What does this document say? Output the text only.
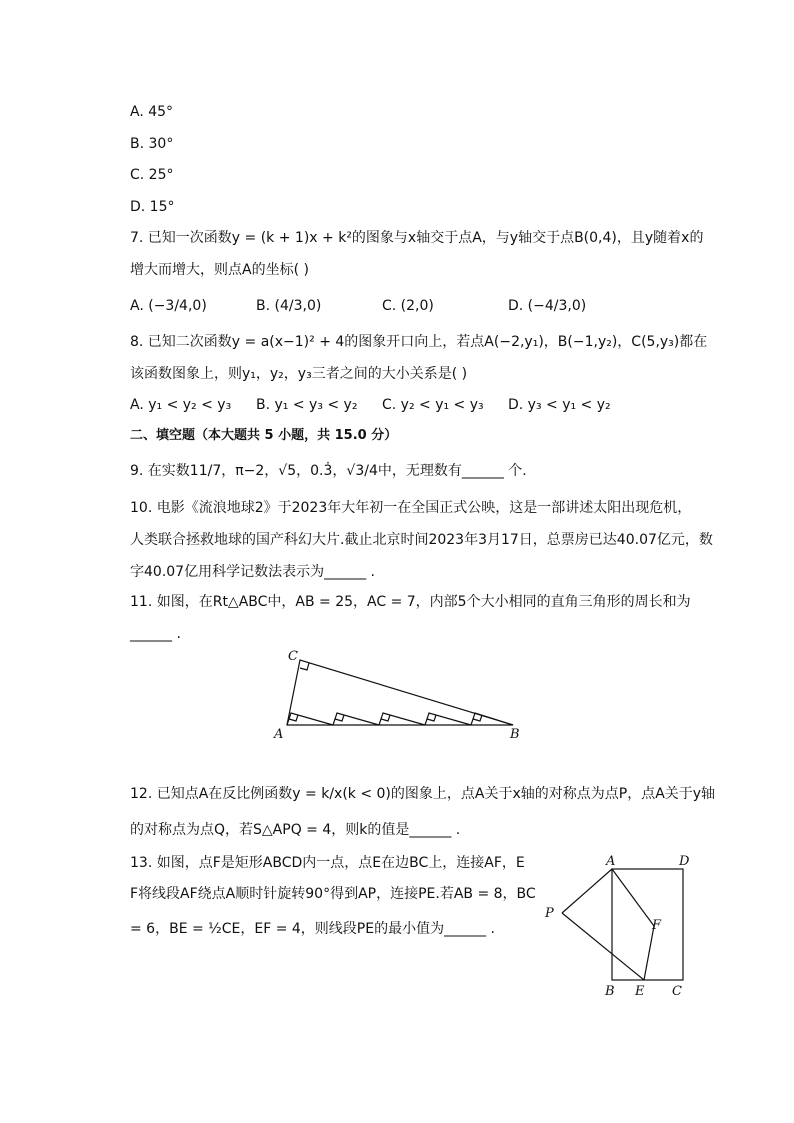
A. 45°
B. 30°
C. 25°
D. 15°
7. 已知一次函数y = (k + 1)x + k²的图象与x轴交于点A，与y轴交于点B(0,4)，且y随着x的
增大而增大，则点A的坐标( )
A. (−3/4,0)	B. (4/3,0)	C. (2,0)	D. (−4/3,0)
8. 已知二次函数y = a(x−1)² + 4的图象开口向上，若点A(−2,y₁)，B(−1,y₂)，C(5,y₃)都在
该函数图象上，则y₁，y₂，y₃三者之间的大小关系是( )
A. y₁ < y₂ < y₃ B. y₁ < y₃ < y₂ C. y₂ < y₁ < y₃ D. y₃ < y₁ < y₂
二、填空题（本大题共 5 小题，共 15.0 分）
9. 在实数11/7，π−2，√5，0.3̇，√3/4中，无理数有______ 个.
10. 电影《流浪地球2》于2023年大年初一在全国正式公映，这是一部讲述太阳出现危机，
人类联合拯救地球的国产科幻大片.截止北京时间2023年3月17日，总票房已达40.07亿元，数
字40.07亿用科学记数法表示为______ .
11. 如图，在Rt△ABC中，AB = 25，AC = 7，内部5个大小相同的直角三角形的周长和为
______ .
C
A	B
12. 已知点A在反比例函数y = k/x(k < 0)的图象上，点A关于x轴的对称点为点P，点A关于y轴
的对称点为点Q，若S△APQ = 4，则k的值是______ .
13. 如图，点F是矩形ABCD内一点，点E在边BC上，连接AF，E
F将线段AF绕点A顺时针旋转90°得到AP，连接PE.若AB = 8，BC
= 6，BE = ½CE，EF = 4，则线段PE的最小值为______ .
A	D
P
F
B E C
